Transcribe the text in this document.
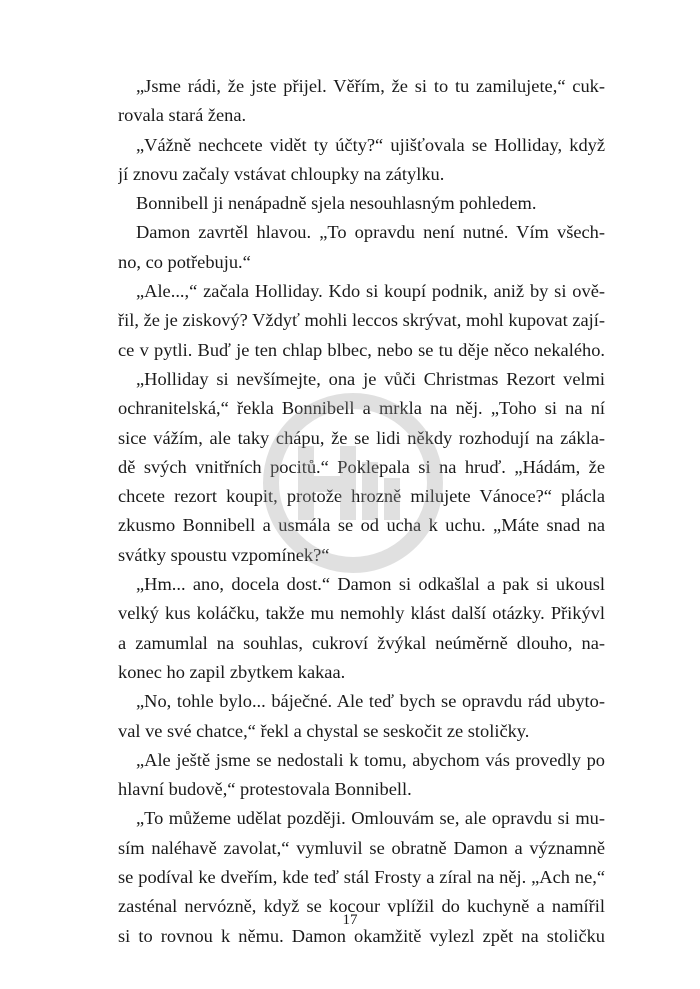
„Jsme rádi, že jste přijel. Věřím, že si to tu zamilujete,“ cuk-
rovala stará žena.
„Vážně nechcete vidět ty účty?“ ujišťovala se Holliday, když
jí znovu začaly vstávat chloupky na zátylku.
Bonnibell ji nenápadně sjela nesouhlasným pohledem.
Damon zavrtěl hlavou. „To opravdu není nutné. Vím všech-
no, co potřebuju.“
„Ale...,“ začala Holliday. Kdo si koupí podnik, aniž by si ově-
řil, že je ziskový? Vždyť mohli leccos skrývat, mohl kupovat zají-
ce v pytli. Buď je ten chlap blbec, nebo se tu děje něco nekalého.
„Holliday si nevšímejte, ona je vůči Christmas Rezort velmi
ochranitelská,“ řekla Bonnibell a mrkla na něj. „Toho si na ní
sice vážím, ale taky chápu, že se lidi někdy rozhodují na zákla-
dě svých vnitřních pocitů.“ Poklepala si na hruď. „Hádám, že
chcete rezort koupit, protože hrozně milujete Vánoce?“ plácla
zkusmo Bonnibell a usmála se od ucha k uchu. „Máte snad na
svátky spoustu vzpomínek?“
„Hm... ano, docela dost.“ Damon si odkašlal a pak si ukousl
velký kus koláčku, takže mu nemohly klást další otázky. Přikývl
a zamumlal na souhlas, cukroví žvýkal neúměrně dlouho, na-
konec ho zapil zbytkem kakaa.
„No, tohle bylo... báječné. Ale teď bych se opravdu rád ubyto-
val ve své chatce,“ řekl a chystal se seskočit ze stoličky.
„Ale ještě jsme se nedostali k tomu, abychom vás provedly po
hlavní budově,“ protestovala Bonnibell.
„To můžeme udělat později. Omlouvám se, ale opravdu si mu-
sím naléhavě zavolat,“ vymluvil se obratně Damon a významně
se podíval ke dveřím, kde teď stál Frosty a zíral na něj. „Ach ne,“
zasténal nervózně, když se kocour vplížil do kuchyně a namířil
si to rovnou k němu. Damon okamžitě vylezl zpět na stoličku
17
